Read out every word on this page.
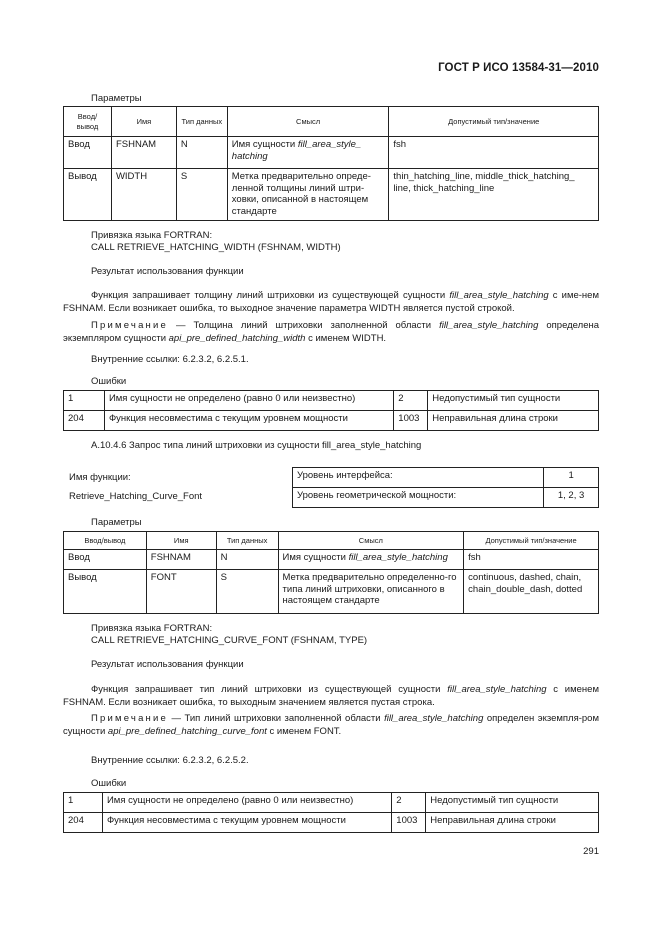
ГОСТ Р ИСО 13584-31—2010
Параметры
Ввод/ вывод	Имя	Тип данных	Смысл	Допустимый тип/значение
Ввод	FSHNAM	N	Имя сущности fill_area_style_ hatching	fsh
Вывод	WIDTH	S	Метка предварительно опреде-ленной толщины линий штри-ховки, описанной в настоящем стандарте	thin_hatching_line, middle_thick_hatching_ line, thick_hatching_line
Привязка языка FORTRAN:
CALL RETRIEVE_HATCHING_WIDTH (FSHNAM, WIDTH)
Результат использования функции
Функция запрашивает толщину линий штриховки из существующей сущности fill_area_style_hatching с име-нем FSHNAM. Если возникает ошибка, то выходное значение параметра WIDTH является пустой строкой.
Примечание — Толщина линий штриховки заполненной области fill_area_style_hatching определена экземпляром сущности api_pre_defined_hatching_width с именем WIDTH.
Внутренние ссылки: 6.2.3.2, 6.2.5.1.
Ошибки
1	Имя сущности не определено (равно 0 или неизвестно)	2	Недопустимый тип сущности
204	Функция несовместима с текущим уровнем мощности	1003	Неправильная длина строки
A.10.4.6 Запрос типа линий штриховки из сущности fill_area_style_hatching
Имя функции:
Retrieve_Hatching_Curve_Font
Уровень интерфейса:	1
Уровень геометрической мощности:	1, 2, 3
Параметры
Ввод/вывод	Имя	Тип данных	Смысл	Допустимый тип/значение
Ввод	FSHNAM	N	Имя сущности fill_area_style_hatching	fsh
Вывод	FONT	S	Метка предварительно определенно-го типа линий штриховки, описанного в настоящем стандарте	continuous, dashed, chain, chain_double_dash, dotted
Привязка языка FORTRAN:
CALL RETRIEVE_HATCHING_CURVE_FONT (FSHNAM, TYPE)
Результат использования функции
Функция запрашивает тип линий штриховки из существующей сущности fill_area_style_hatching с именем FSHNAM. Если возникает ошибка, то выходным значением является пустая строка.
Примечание — Тип линий штриховки заполненной области fill_area_style_hatching определен экземпля-ром сущности api_pre_defined_hatching_curve_font с именем FONT.
Внутренние ссылки: 6.2.3.2, 6.2.5.2.
Ошибки
1	Имя сущности не определено (равно 0 или неизвестно)	2	Недопустимый тип сущности
204	Функция несовместима с текущим уровнем мощности	1003	Неправильная длина строки
291
